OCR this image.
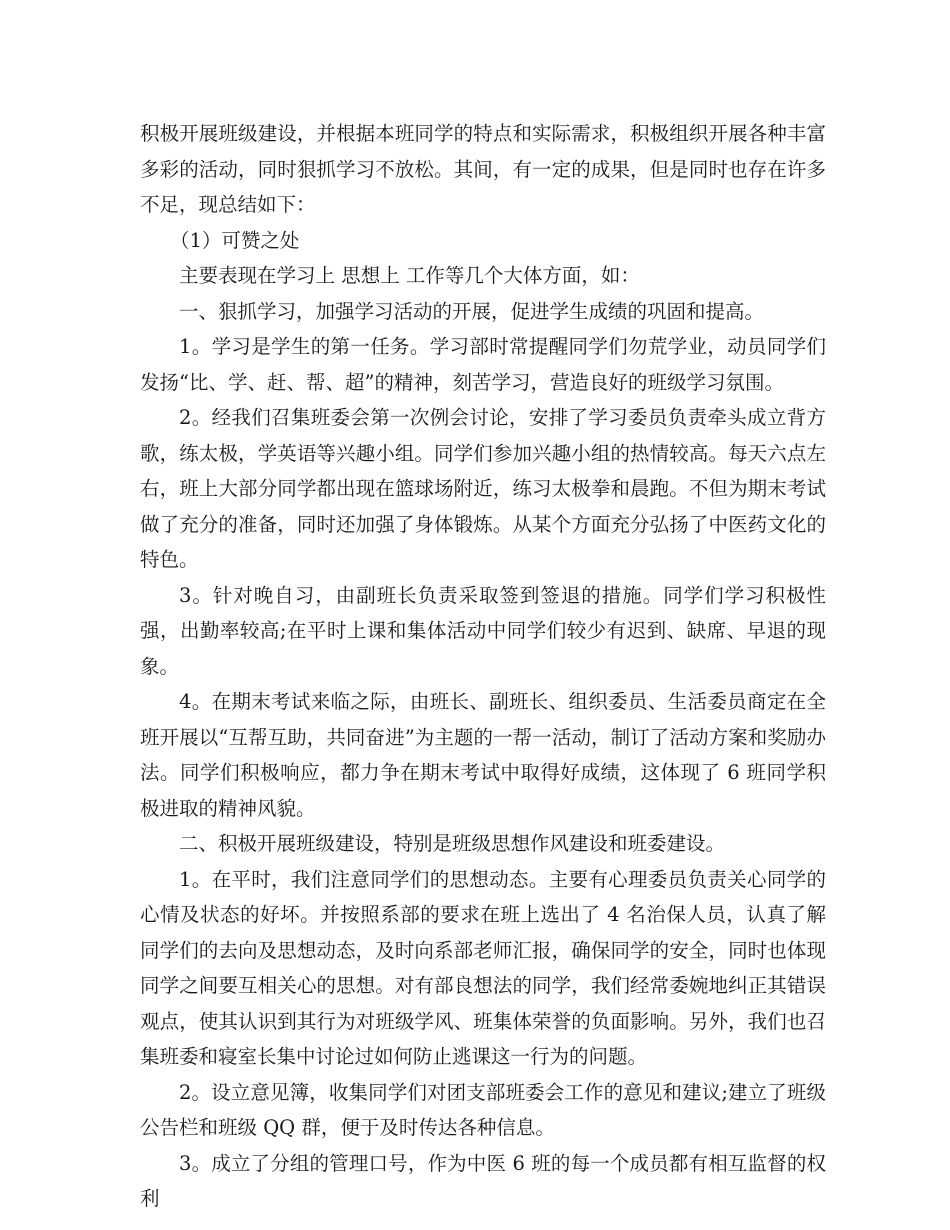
积极开展班级建设，并根据本班同学的特点和实际需求，积极组织开展各种丰富多彩的活动，同时狠抓学习不放松。其间，有一定的成果，但是同时也存在许多不足，现总结如下：

（1）可赞之处

主要表现在学习上 思想上 工作等几个大体方面，如：

一、狠抓学习，加强学习活动的开展，促进学生成绩的巩固和提高。

1。学习是学生的第一任务。学习部时常提醒同学们勿荒学业，动员同学们发扬“比、学、赶、帮、超”的精神，刻苦学习，营造良好的班级学习氛围。

2。经我们召集班委会第一次例会讨论，安排了学习委员负责牵头成立背方歌，练太极，学英语等兴趣小组。同学们参加兴趣小组的热情较高。每天六点左右，班上大部分同学都出现在篮球场附近，练习太极拳和晨跑。不但为期末考试做了充分的准备，同时还加强了身体锻炼。从某个方面充分弘扬了中医药文化的特色。

3。针对晚自习，由副班长负责采取签到签退的措施。同学们学习积极性强，出勤率较高;在平时上课和集体活动中同学们较少有迟到、缺席、早退的现象。

4。在期末考试来临之际，由班长、副班长、组织委员、生活委员商定在全班开展以“互帮互助，共同奋进”为主题的一帮一活动，制订了活动方案和奖励办法。同学们积极响应，都力争在期末考试中取得好成绩，这体现了 6 班同学积极进取的精神风貌。

二、积极开展班级建设，特别是班级思想作风建设和班委建设。

1。在平时，我们注意同学们的思想动态。主要有心理委员负责关心同学的心情及状态的好坏。并按照系部的要求在班上选出了 4 名治保人员，认真了解同学们的去向及思想动态，及时向系部老师汇报，确保同学的安全，同时也体现同学之间要互相关心的思想。对有部良想法的同学，我们经常委婉地纠正其错误观点，使其认识到其行为对班级学风、班集体荣誉的负面影响。另外，我们也召集班委和寝室长集中讨论过如何防止逃课这一行为的问题。

2。设立意见簿，收集同学们对团支部班委会工作的意见和建议;建立了班级公告栏和班级 QQ 群，便于及时传达各种信息。

3。成立了分组的管理口号，作为中医 6 班的每一个成员都有相互监督的权利
